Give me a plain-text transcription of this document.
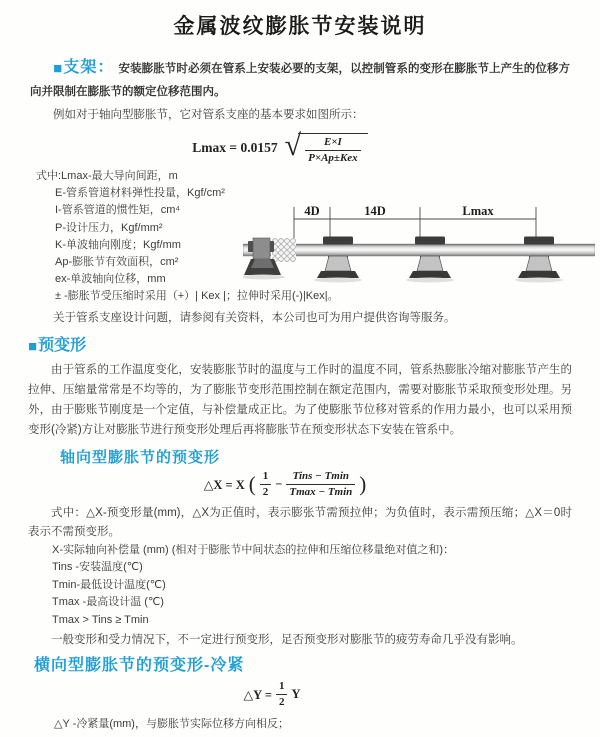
金属波纹膨胀节安装说明
■支架： 安装膨胀节时必须在管系上安装必要的支架，以控制管系的变形在膨胀节上产生的位移方向并限制在膨胀节的额定位移范围内。
例如对于轴向型膨胀节，它对管系支座的基本要求如图所示：
Lmax = 0.0157 √ $\frac{E\times I}{\text{P×Ap±Kex}}$
式中:Lmax-最大导向间距，m
E-管系管道材料弹性投量，Kgf/cm²
I-管系管道的惯性矩，cm⁴
P-设计压力，Kgf/mm²
K-单波轴向刚度；Kgf/mm
Ap-膨胀节有效面积，cm²
ex-单波轴向位移，mm
± -膨胀节受压缩时采用（+）| Kex |；拉伸时采用(-)|Kex|。
4D	14D	Lmax
关于管系支座设计问题，请参阅有关资料，本公司也可为用户提供咨询等服务。
■预变形
由于管系的工作温度变化，安装膨胀节时的温度与工作时的温度不同，管系热膨胀冷缩对膨胀节产生的拉伸、压缩量常常是不均等的，为了膨胀节变形范围控制在额定范围内，需要对膨胀节采取预变形处理。另外，由于膨账节刚度是一个定值，与补偿量成正比。为了使膨胀节位移对管系的作用力最小，也可以采用预变形(冷紧)方让对膨胀节进行预变形处理后再将膨胀节在预变形状态下安装在管系中。
轴向型膨胀节的预变形
△X = X ( $\frac{1}{2} - \frac{\text{Tins − Tmin}}{Tmax - Tmin}$ )
式中：△X-预变形量(mm)，△X为正值时，表示膨张节需预拉伸；为负值时，表示需预压缩；△X＝0时表示不需预变形。
X-实际轴向补偿量 (mm) (相对于膨胀节中间状态的拉伸和压缩位移量绝对值之和)：
Tins -安装温度(℃)
Tmin-最低设计温度(℃)
Tmax -最高设计温 (℃)
Tmax > Tins ≥ Tmin
一般变形和受力情况下，不一定进行预变形，足否预变形对膨胀节的疲劳寿命几乎没有影响。
横向型膨胀节的预变形-冷紧
△Y = $\frac{1}{2}$ Y
△Y -冷紧量(mm)，与膨胀节实际位移方向相反；
